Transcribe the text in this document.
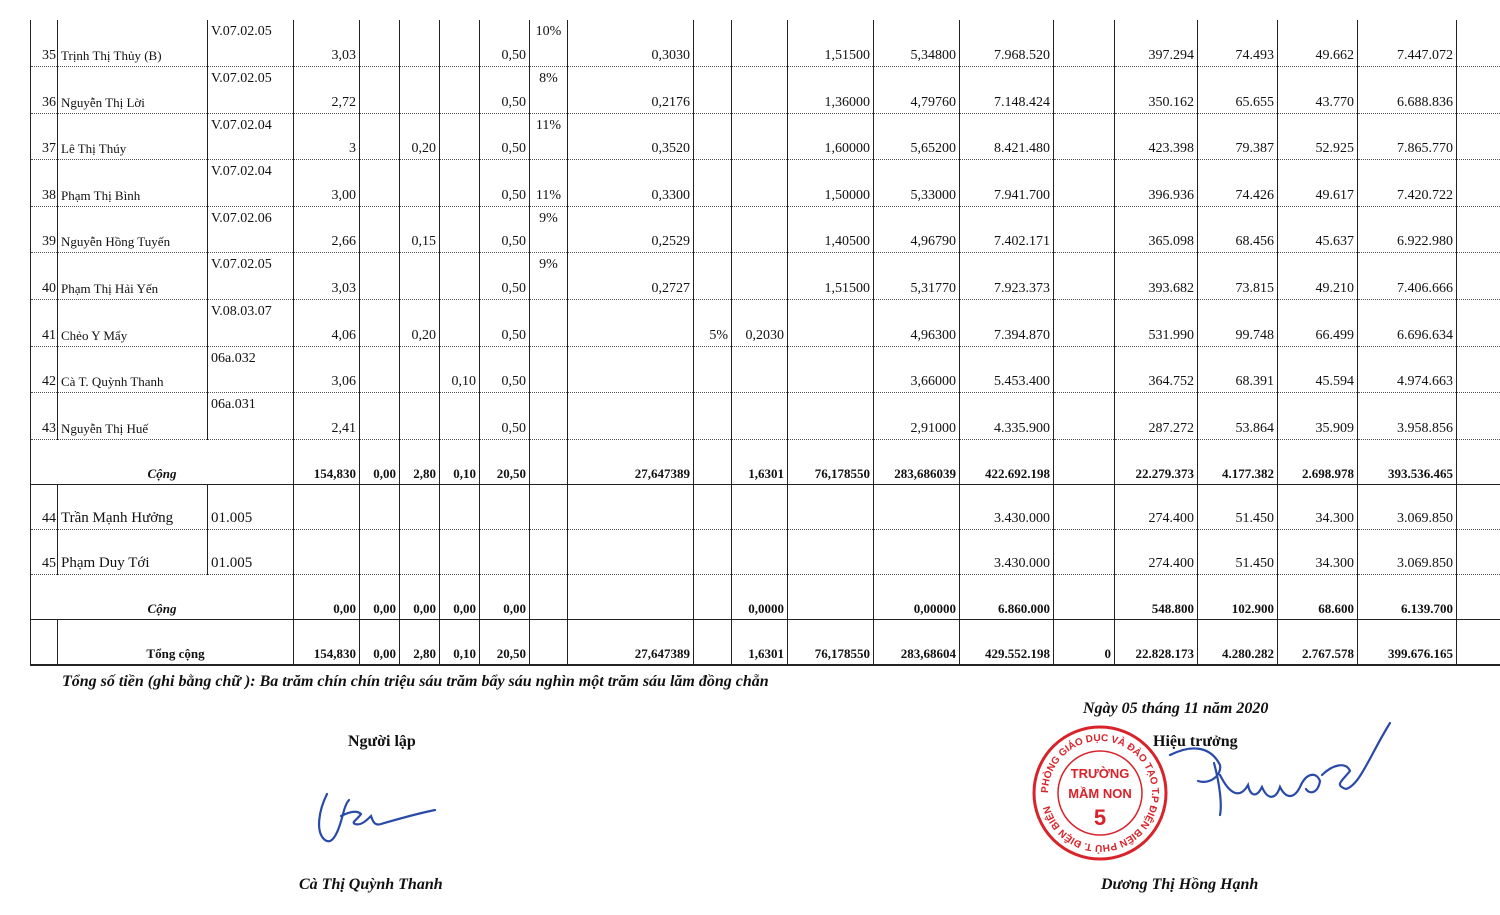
35	Trịnh Thị Thủy (B)	V.07.02.05	3,03				0,50	10%	0,3030			1,51500	5,34800	7.968.520		397.294	74.493	49.662	7.447.072	
36	Nguyễn Thị Lời	V.07.02.05	2,72				0,50	8%	0,2176			1,36000	4,79760	7.148.424		350.162	65.655	43.770	6.688.836	
37	Lê Thị Thúy	V.07.02.04	3		0,20		0,50	11%	0,3520			1,60000	5,65200	8.421.480		423.398	79.387	52.925	7.865.770	
38	Phạm Thị Bình	V.07.02.04	3,00				0,50	11%	0,3300			1,50000	5,33000	7.941.700		396.936	74.426	49.617	7.420.722	
39	Nguyễn Hồng Tuyến	V.07.02.06	2,66		0,15		0,50	9%	0,2529			1,40500	4,96790	7.402.171		365.098	68.456	45.637	6.922.980	
40	Phạm Thị Hải Yến	V.07.02.05	3,03				0,50	9%	0,2727			1,51500	5,31770	7.923.373		393.682	73.815	49.210	7.406.666	
41	Chẻo Y Mẩy	V.08.03.07	4,06		0,20		0,50			5%	0,2030		4,96300	7.394.870		531.990	99.748	66.499	6.696.634	
42	Cà T. Quỳnh Thanh	06a.032	3,06			0,10	0,50						3,66000	5.453.400		364.752	68.391	45.594	4.974.663	
43	Nguyễn Thị Huế	06a.031	2,41				0,50						2,91000	4.335.900		287.272	53.864	35.909	3.958.856	
Cộng			154,830	0,00	2,80	0,10	20,50		27,647389		1,6301	76,178550	283,686039	422.692.198		22.279.373	4.177.382	2.698.978	393.536.465	
44	Trần Mạnh Hưởng	01.005												3.430.000		274.400	51.450	34.300	3.069.850	
45	Phạm Duy Tới	01.005												3.430.000		274.400	51.450	34.300	3.069.850	
Cộng			0,00	0,00	0,00	0,00	0,00				0,0000		0,00000	6.860.000		548.800	102.900	68.600	6.139.700	
	Tổng cộng		154,830	0,00	2,80	0,10	20,50		27,647389		1,6301	76,178550	283,68604	429.552.198	0	22.828.173	4.280.282	2.767.578	399.676.165	
Tổng số tiền (ghi bằng chữ ): Ba trăm chín chín triệu sáu trăm bẩy sáu nghìn một trăm sáu lăm đồng chẵn
Ngày 05 tháng 11 năm 2020
Người lập	Hiệu trưởng
PHÒNG GIÁO DỤC VÀ ĐÀO TẠO T.P ĐIỆN BIÊN PHỦ T. ĐIỆN BIÊN
TRƯỜNG
MẦM NON
5
Cà Thị Quỳnh Thanh	Dương Thị Hồng Hạnh
